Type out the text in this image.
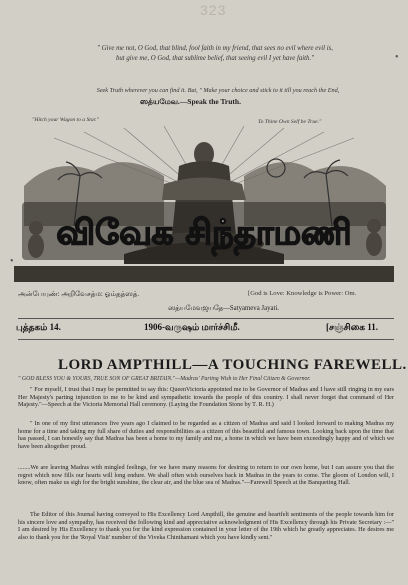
323
" Give me not, O God, that blind, fool faith in my friend, that sees no evil where evil is,
but give me, O God, that sublime belief, that seeing evil I yet have faith."
Seek Truth wherever you can find it. But, " Make your choice and stick to it till you reach the End,
ஸத்யமேவ.—Speak the Truth.
"Hitch your Wagon to a Star."	To Thine Own Self be True."
விவேக சிந்தாமணி
அன்பேயுண்: அறிவேசத்ம: ஓம்தத்ஸத்.	[God is Love: Knowledge is Power: Om.
ஸத்யமேவஜயதே—Satyameva Jayati.
புத்தகம் 14.	1906-வருஷம் மார்ச்சிமீ.	[சஞ்சிகை 11.
LORD AMPTHILL—A TOUCHING FAREWELL.
" GOD BLESS YOU & YOURS, TRUE SON OF GREAT BRITAIN."—Madras' Parting Wish to Her Final Citizen & Governor.
" For myself, I trust that I may be permitted to say this: QueenVictoria appointed me to be Governor of Madras and I have still ringing in my ears Her Majesty's parting injunction to me to be kind and sympathetic towards the people of this country. I shall never forget that command of Her Majesty."—Speech at the Victoria Memorial Hall ceremony. (Laying the Foundation Stone by T. R. H.)
" In one of my first utterances five years ago I claimed to be regarded as a citizen of Madras and said I looked forward to making Madras my home for a time and taking my full share of duties and responsibilities as a citizen of this beautiful and famous town. Looking back upon the time that has passed, I can honestly say that Madras has been a home to my family and me, a home in which we have been exceedingly happy and of which we have been altogether proud.
........We are leaving Madras with mingled feelings, for we have many reasons for desiring to return to our own home, but I can assure you that the regret which now fills our hearts will long endure. We shall often wish ourselves back in Madras in the years to come. The gloom of London will, I know, often make us sigh for the bright sunshine, the clear air, and the blue sea of Madras."—Farewell Speech at the Banqueting Hall.
The Editor of this Journal having conveyed to His Excellency Lord Ampthill, the genuine and heartfelt sentiments of the people towards him for his sincere love and sympathy, has received the following kind and appreciative acknowledgment of His Excellency through his Private Secretary :—" I am desired by His Excellency to thank you for the kind expression contained in your letter of the 19th which he greatly appreciates. He desires me also to thank you for the 'Royal Visit' number of the Viveka Chinthamani which you have kindly sent."
•
•
